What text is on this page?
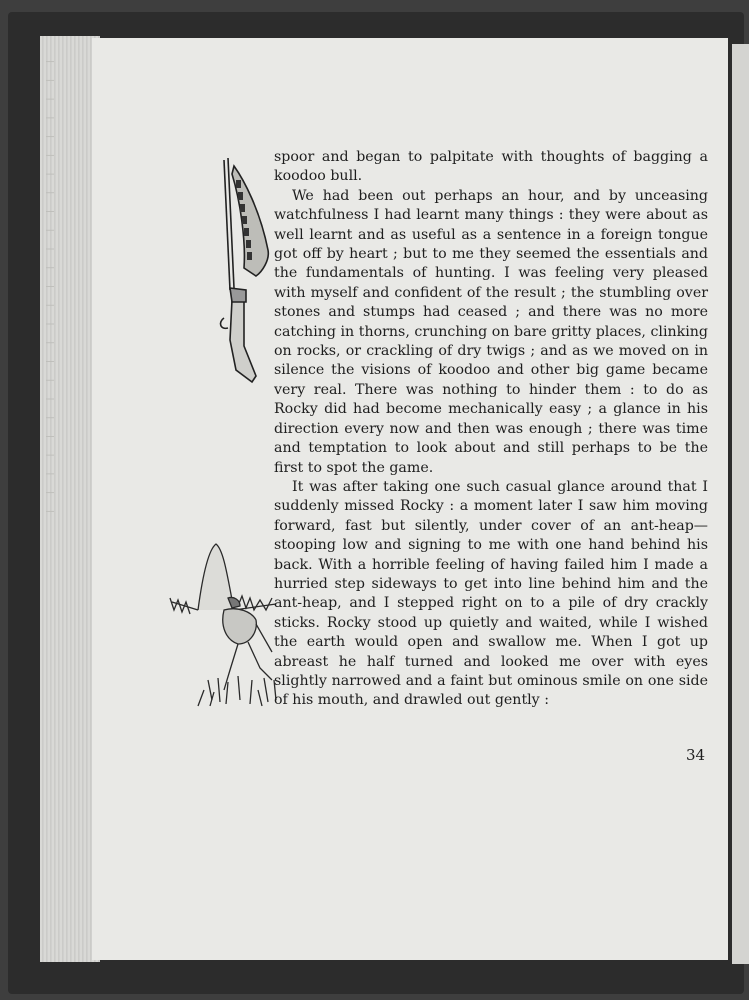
ǀ ǀ ǀ ǀ ǀ ǀ ǀ ǀ ǀ ǀ ǀ ǀ ǀ ǀ ǀ ǀ ǀ ǀ ǀ ǀ ǀ ǀ ǀ ǀ ǀ	spoor and began to palpitate with thoughts of bagging a koodoo bull.

We had been out perhaps an hour, and by unceasing watchfulness I had learnt many things : they were about as well learnt and as useful as a sentence in a foreign tongue got off by heart ; but to me they seemed the essentials and the fundamentals of hunting. I was feeling very pleased with myself and confident of the result ; the stumbling over stones and stumps had ceased ; and there was no more catching in thorns, crunching on bare gritty places, clinking on rocks, or crackling of dry twigs ; and as we moved on in silence the visions of koodoo and other big game became very real. There was nothing to hinder them : to do as Rocky did had become mechanically easy ; a glance in his direction every now and then was enough ; there was time and temptation to look about and still perhaps to be the first to spot the game.

It was after taking one such casual glance around that I suddenly missed Rocky : a moment later I saw him moving forward, fast but silently, under cover of an ant-heap—stooping low and signing to me with one hand behind his back. With a horrible feeling of having failed him I made a hurried step sideways to get into line behind him and the ant-heap, and I stepped right on to a pile of dry crackly sticks. Rocky stood up quietly and waited, while I wished the earth would open and swallow me. When I got up abreast he half turned and looked me over with eyes slightly narrowed and a faint but ominous smile on one side of his mouth, and drawled out gently :

34
